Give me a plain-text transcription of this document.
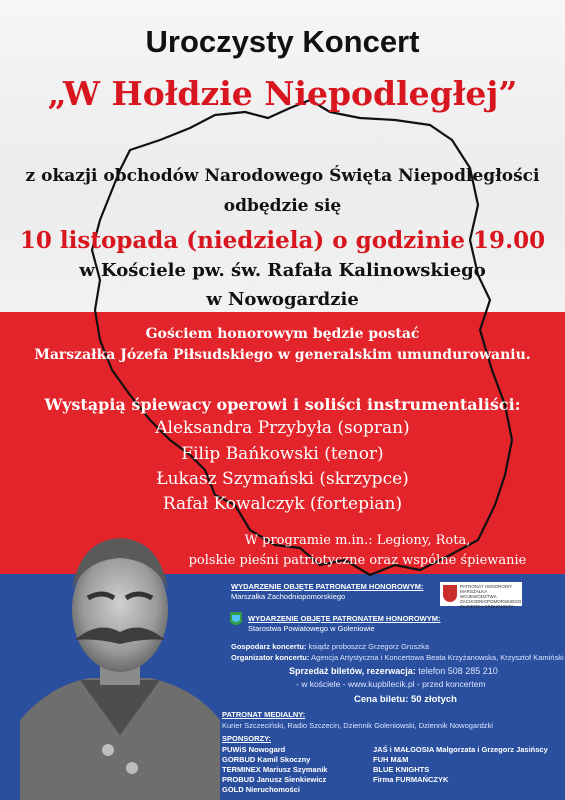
Uroczysty Koncert
„W Hołdzie Niepodległej”
z okazji obchodów Narodowego Święta Niepodległości
odbędzie się
10 listopada (niedziela) o godzinie 19.00
w Kościele pw. św. Rafała Kalinowskiego
w Nowogardzie
Gościem honorowym będzie postać
Marszałka Józefa Piłsudskiego w generalskim umundurowaniu.
Wystąpią śpiewacy operowi i soliści instrumentaliści:
Aleksandra Przybyła (sopran)
Filip Bańkowski (tenor)
Łukasz Szymański (skrzypce)
Rafał Kowalczyk (fortepian)
W programie m.in.: Legiony, Rota,
polskie pieśni patriotyczne oraz wspólne śpiewanie
WYDARZENIE OBJĘTE PATRONATEM HONOROWYM:
Marszałka Zachodniopomorskiego
PATRONAT HONOROWY MARSZAŁKA WOJEWÓDZTWA ZACHODNIOPOMORSKIEGO OLGIERDA GEBLEWICZA
WYDARZENIE OBJĘTE PATRONATEM HONOROWYM:
Starostwa Powiatowego w Goleniowie
Gospodarz koncertu: ksiądz proboszcz Grzegorz Gruszka
Organizator koncertu: Agencja Artystyczna i Koncertowa Beata Krzyżanowska, Krzysztof Kamiński
Sprzedaż biletów, rezerwacja: telefon 508 285 210
- w kościele - www.kupbilecik.pl - przed koncertem
Cena biletu: 50 złotych
PATRONAT MEDIALNY:
Kurier Szczeciński, Radio Szczecin, Dziennik Goleniowski, Dziennik Nowogardzki
SPONSORZY:
PUWiS Nowogard
GORBUD Kamil Skoczny
TERMINEX Mariusz Szymanik
PROBUD Janusz Sienkiewicz
GOLD Nieruchomości
JAŚ i MAŁGOSIA Małgorzata i Grzegorz Jasińscy
FUH M&M
BLUE KNIGHTS
Firma FURMAŃCZYK
